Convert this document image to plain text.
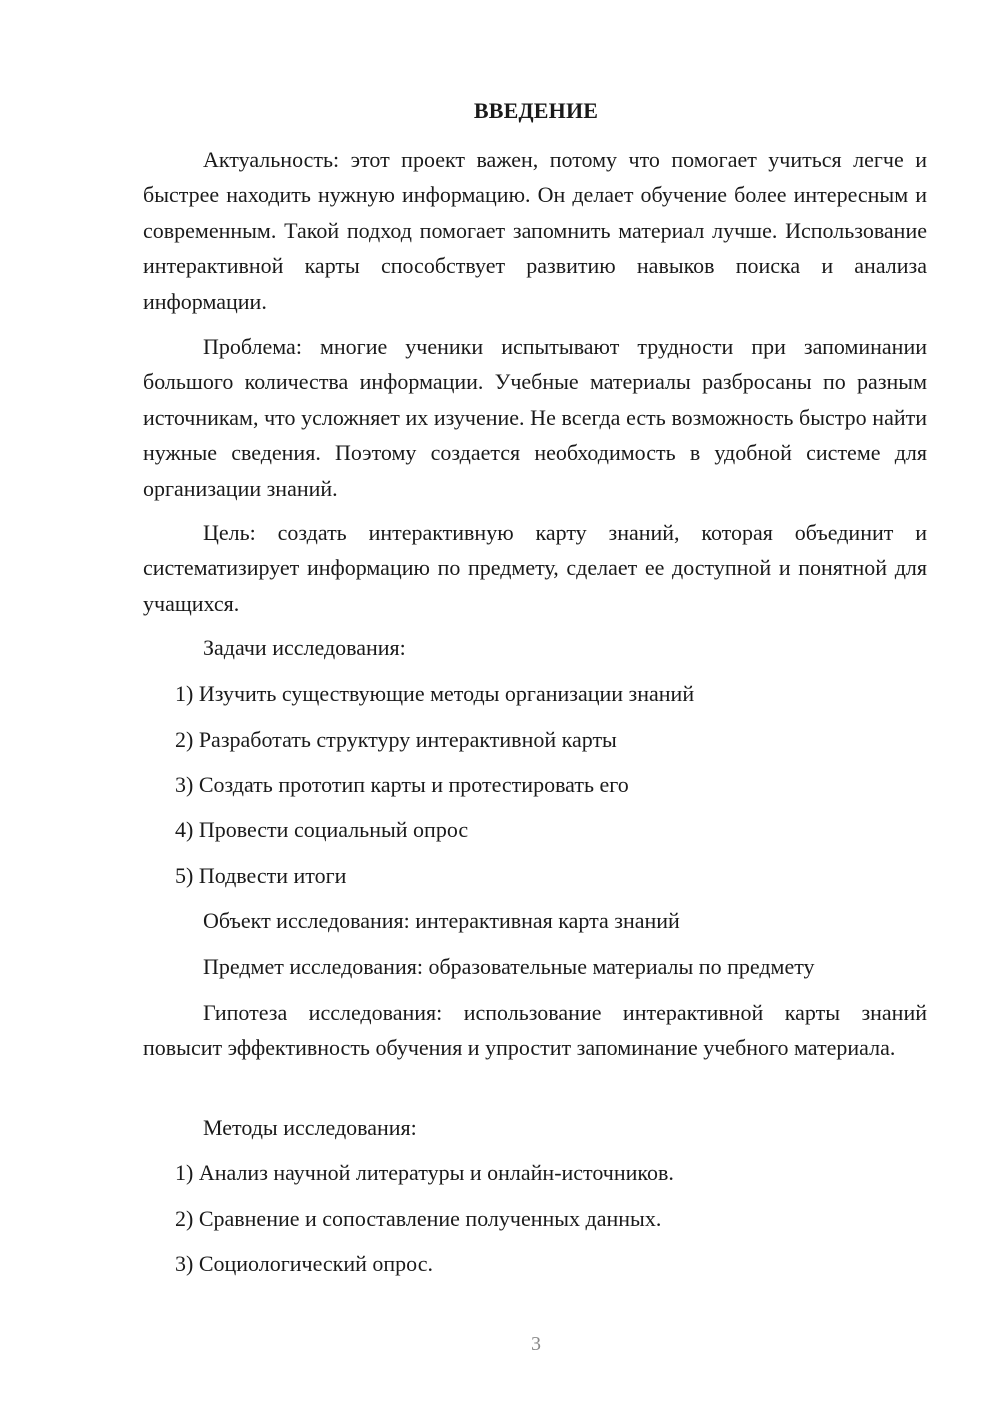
ВВЕДЕНИЕ

Актуальность: этот проект важен, потому что помогает учиться легче и быстрее находить нужную информацию. Он делает обучение более интересным и современным. Такой подход помогает запомнить материал лучше. Использование интерактивной карты способствует развитию навыков поиска и анализа информации.

Проблема: многие ученики испытывают трудности при запоминании большого количества информации. Учебные материалы разбросаны по разным источникам, что усложняет их изучение. Не всегда есть возможность быстро найти нужные сведения. Поэтому создается необходимость в удобной системе для организации знаний.

Цель: создать интерактивную карту знаний, которая объединит и систематизирует информацию по предмету, сделает ее доступной и понятной для учащихся.

Задачи исследования:

1) Изучить существующие методы организации знаний

2) Разработать структуру интерактивной карты

3) Создать прототип карты и протестировать его

4) Провести социальный опрос

5) Подвести итоги

Объект исследования: интерактивная карта знаний

Предмет исследования: образовательные материалы по предмету

Гипотеза исследования: использование интерактивной карты знаний повысит эффективность обучения и упростит запоминание учебного материала.

Методы исследования:

1) Анализ научной литературы и онлайн-источников.

2) Сравнение и сопоставление полученных данных.

3) Социологический опрос.

3
